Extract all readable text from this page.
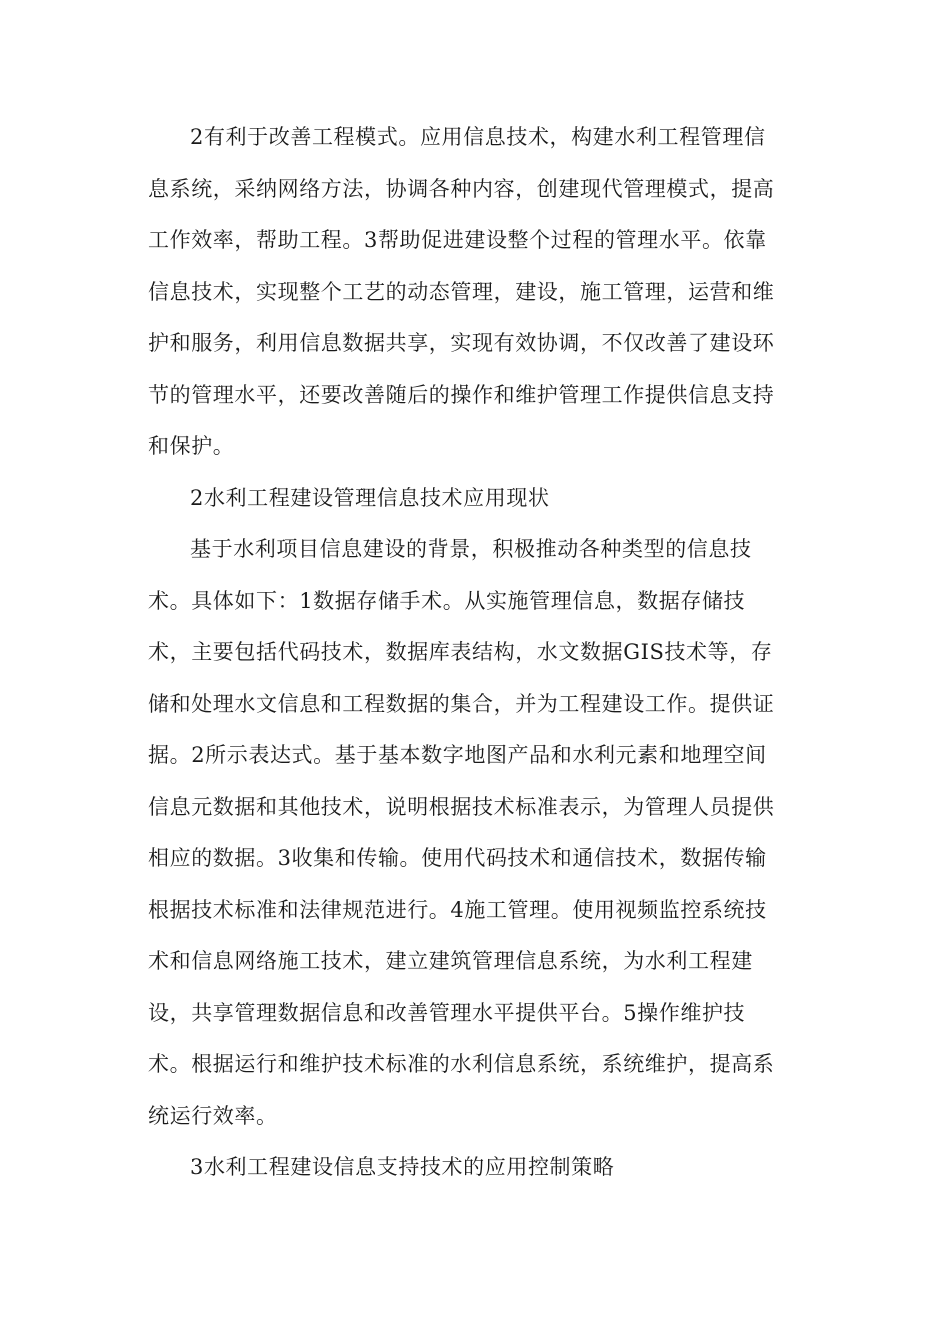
2有利于改善工程模式。应用信息技术，构建水利工程管理信
息系统，采纳网络方法，协调各种内容，创建现代管理模式，提高
工作效率，帮助工程。3帮助促进建设整个过程的管理水平。依靠
信息技术，实现整个工艺的动态管理，建设，施工管理，运营和维
护和服务，利用信息数据共享，实现有效协调，不仅改善了建设环
节的管理水平，还要改善随后的操作和维护管理工作提供信息支持
和保护。

2水利工程建设管理信息技术应用现状

基于水利项目信息建设的背景，积极推动各种类型的信息技
术。具体如下：1数据存储手术。从实施管理信息，数据存储技
术，主要包括代码技术，数据库表结构，水文数据GIS技术等，存
储和处理水文信息和工程数据的集合，并为工程建设工作。提供证
据。2所示表达式。基于基本数字地图产品和水利元素和地理空间
信息元数据和其他技术，说明根据技术标准表示，为管理人员提供
相应的数据。3收集和传输。使用代码技术和通信技术，数据传输
根据技术标准和法律规范进行。4施工管理。使用视频监控系统技
术和信息网络施工技术，建立建筑管理信息系统，为水利工程建
设，共享管理数据信息和改善管理水平提供平台。5操作维护技
术。根据运行和维护技术标准的水利信息系统，系统维护，提高系
统运行效率。

3水利工程建设信息支持技术的应用控制策略
